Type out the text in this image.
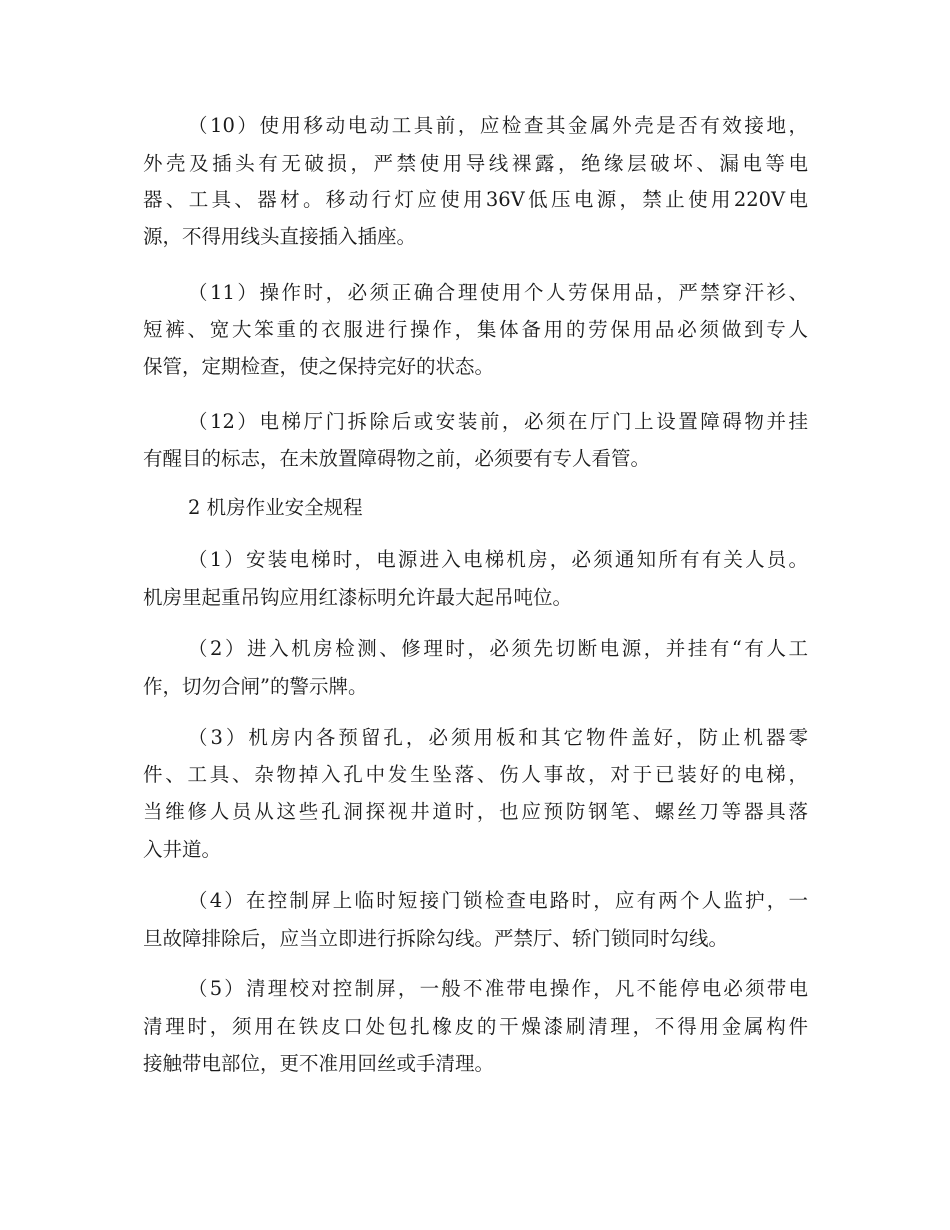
（10）使用移动电动工具前，应检查其金属外壳是否有效接地，
外壳及插头有无破损，严禁使用导线裸露，绝缘层破坏、漏电等电
器、工具、器材。移动行灯应使用36V低压电源，禁止使用220V电
源，不得用线头直接插入插座。
（11）操作时，必须正确合理使用个人劳保用品，严禁穿汗衫、
短裤、宽大笨重的衣服进行操作，集体备用的劳保用品必须做到专人
保管，定期检查，使之保持完好的状态。
（12）电梯厅门拆除后或安装前，必须在厅门上设置障碍物并挂
有醒目的标志，在未放置障碍物之前，必须要有专人看管。
2 机房作业安全规程
（1）安装电梯时，电源进入电梯机房，必须通知所有有关人员。
机房里起重吊钩应用红漆标明允许最大起吊吨位。
（2）进入机房检测、修理时，必须先切断电源，并挂有“有人工
作，切勿合闸”的警示牌。
（3）机房内各预留孔，必须用板和其它物件盖好，防止机器零
件、工具、杂物掉入孔中发生坠落、伤人事故，对于已装好的电梯，
当维修人员从这些孔洞探视井道时，也应预防钢笔、螺丝刀等器具落
入井道。
（4）在控制屏上临时短接门锁检查电路时，应有两个人监护，一
旦故障排除后，应当立即进行拆除勾线。严禁厅、轿门锁同时勾线。
（5）清理校对控制屏，一般不准带电操作，凡不能停电必须带电
清理时，须用在铁皮口处包扎橡皮的干燥漆刷清理，不得用金属构件
接触带电部位，更不准用回丝或手清理。
